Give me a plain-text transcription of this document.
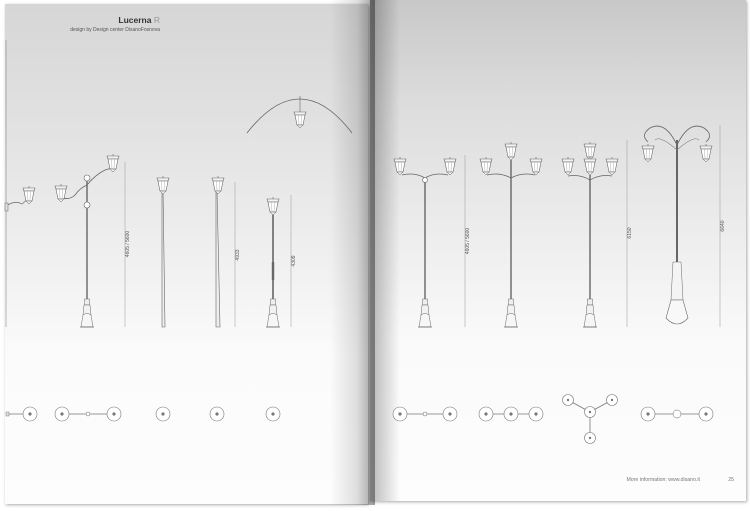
Lucerna R
design by Design center DisanoFosnova
4605 / 5600	4933
4309
4605 / 5600	6150
6640
More information: www.disano.it	25
